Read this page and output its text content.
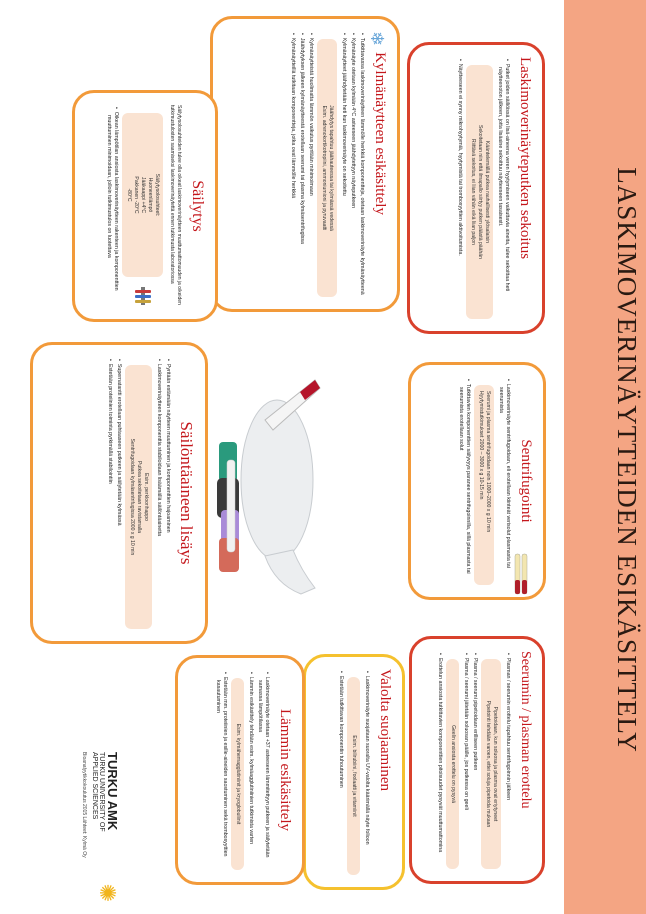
LASKIMOVERINÄYTTEIDEN ESIKÄSITTELY
Laskimoverinäyteputken sekoitus
• Putket joiden säiliöissä on lisä-aineena veren hyytymiseen vaikuttavia aineita, tulee sekoittaa heti näytteenoton jälkeen, jotta lisäaine sekoittuu näytteeseen tasaisesti.

Kääntelemällä putkea rauhallisesti ylösalaisin

Sekoitetaan niin että ilmapallo siirtyy putken päästä päähän

Riittävä sekoitus, ei liian vähän eikä liian paljon

• Näytteeseen ei synny mikrohyytymiä, hyytymistä tai trombosyyttien aktivoitumista.
❄
Kylmänäytteen esikäsittely
• Tutkittavassa laskimoverinäytteen lämmölle herkkiä komponentteja, otetaan laskimoverinäyte kylmänäytteenä
• Kylmänäyte otetaan kylmään 4°C asteeseen jäähdytettyyn näyteputkeen
• Kylmänäytteet jäähdytetään heti kun laskimoverinäyte on sekoitettu

Jäähdytys tapahtuu jäähauteessa tai kylmässä vedessä

Esim. adrenokortikotropiini, ammoniumioni ja pyruvaatti

• Kylmänäytteistä huolimatta lämmön vaikutus pyritään minimoimaan
• Jäähdytyksen jälkeen kylmänäytteestä erotellaan seerumi tai plasma kylmäsentrifugissa
• Kylmänäytteillä tutkitaan komponentteja, jotka ovat lämmölle herkkiä
Säilytys

Säilytysolosuhteiden tulee olla oikeat laskimoverinäytteen muuttumattomuuden ja oikeiden tutkimustulosten saamiseksi laskimoverinäytettä ennen tutkimusta laboratoriossa

Säilytysolosuhteet:

Huoneenlämpö

Jääkaappi +4°C

Pakkanen -20°C

-80°C

• Oikean lämpötilan ansiosta laskimoverinäytteen rakenteen ja komponenttien muuttuminen minimoidaan, jolloin tutkimustulos on luotettava
Sentrifugointi
• Laskimoverinäyte sentrifugoidaan, eli erotellaan kiinteät verisolut plasmasta tai seerumista

Seerumi ja plasma sentrifugoidaan noin 1000–2000 x g 10 min

Hyytymistutkimukset 2000 – 3000 x g 10-15 min

• Tutkittavien komponenttien säilyvyys paranee sentrifugoinnilla, sillä plasmasta tai seerumista erotellaan solut
Säilöntäaineen lisäys
• Pyritään estämään näytteen muuttuminen ja komponenttien hajoaminen
• Laskimoverinäytteen komponenttia stabiloidaan lisäämällä säilöntäainetta

Esim. perkloorihappo

Putkea sekoitetaan ravistamalla

Sentrifugoidaan kylmäsentrifugissa 2000 x g 10 min

• Supernatantti erotellaan puhtaaseen putkeen ja säilytetään kylmässä
• Estetään proteiinien toiminta pyrkimällä stabilointiin
Seerumin / plasman erottelu
• Plasman / seerumin erottelu tapahtuu sentrifugoinnin jälkeen

Pipetoidaan, kun soluosa ja plasma ovat eriytyneet

Pipetointi tehdään varoen, ettei soluja pipetoida mukaan

• Plasma / seerumi pipetoidaan erilliseen putkeen
• Plasma / seerumi jätetään soluosan päälle, jos putkessa on geeli

Geelin ansiosta erottelu on pysyvä

• Erottelun ansiosta tutkittavien komponenttien pitoisuudet pysyvät muuttumattomina
Valolta suojaaminen
• Laskimoverinäyte suojataan suoralta UV-valolta käärimällä näyte folioon

Esim. bilirubiini, foolaatti ja vitamiinit

• Estetään tutkittavan komponentin tuhoutuminen
Lämmin esikäsittely
• Laskimoverinäyte otetaan +37 asteeseen lämmitettyyn putkeen ja säilytetään samassa lämpötilassa
• Lämmin esikäsittely tehdään esim. kylmäagglutiniinien tutkimista varten

Esim. kylmähemagglutiniinit ja kryoglobuliinit

• Estetään mm. proteiinien ja esille-aineiden saostuminen sekä trombosyyttien kasautuminen
TURKU AMK
TURKU UNIVERSITY OF
APPLIED SCIENCES
✺
Bioanalyytikkokoulutus 2015 Lähteet: Kylmä Oy
